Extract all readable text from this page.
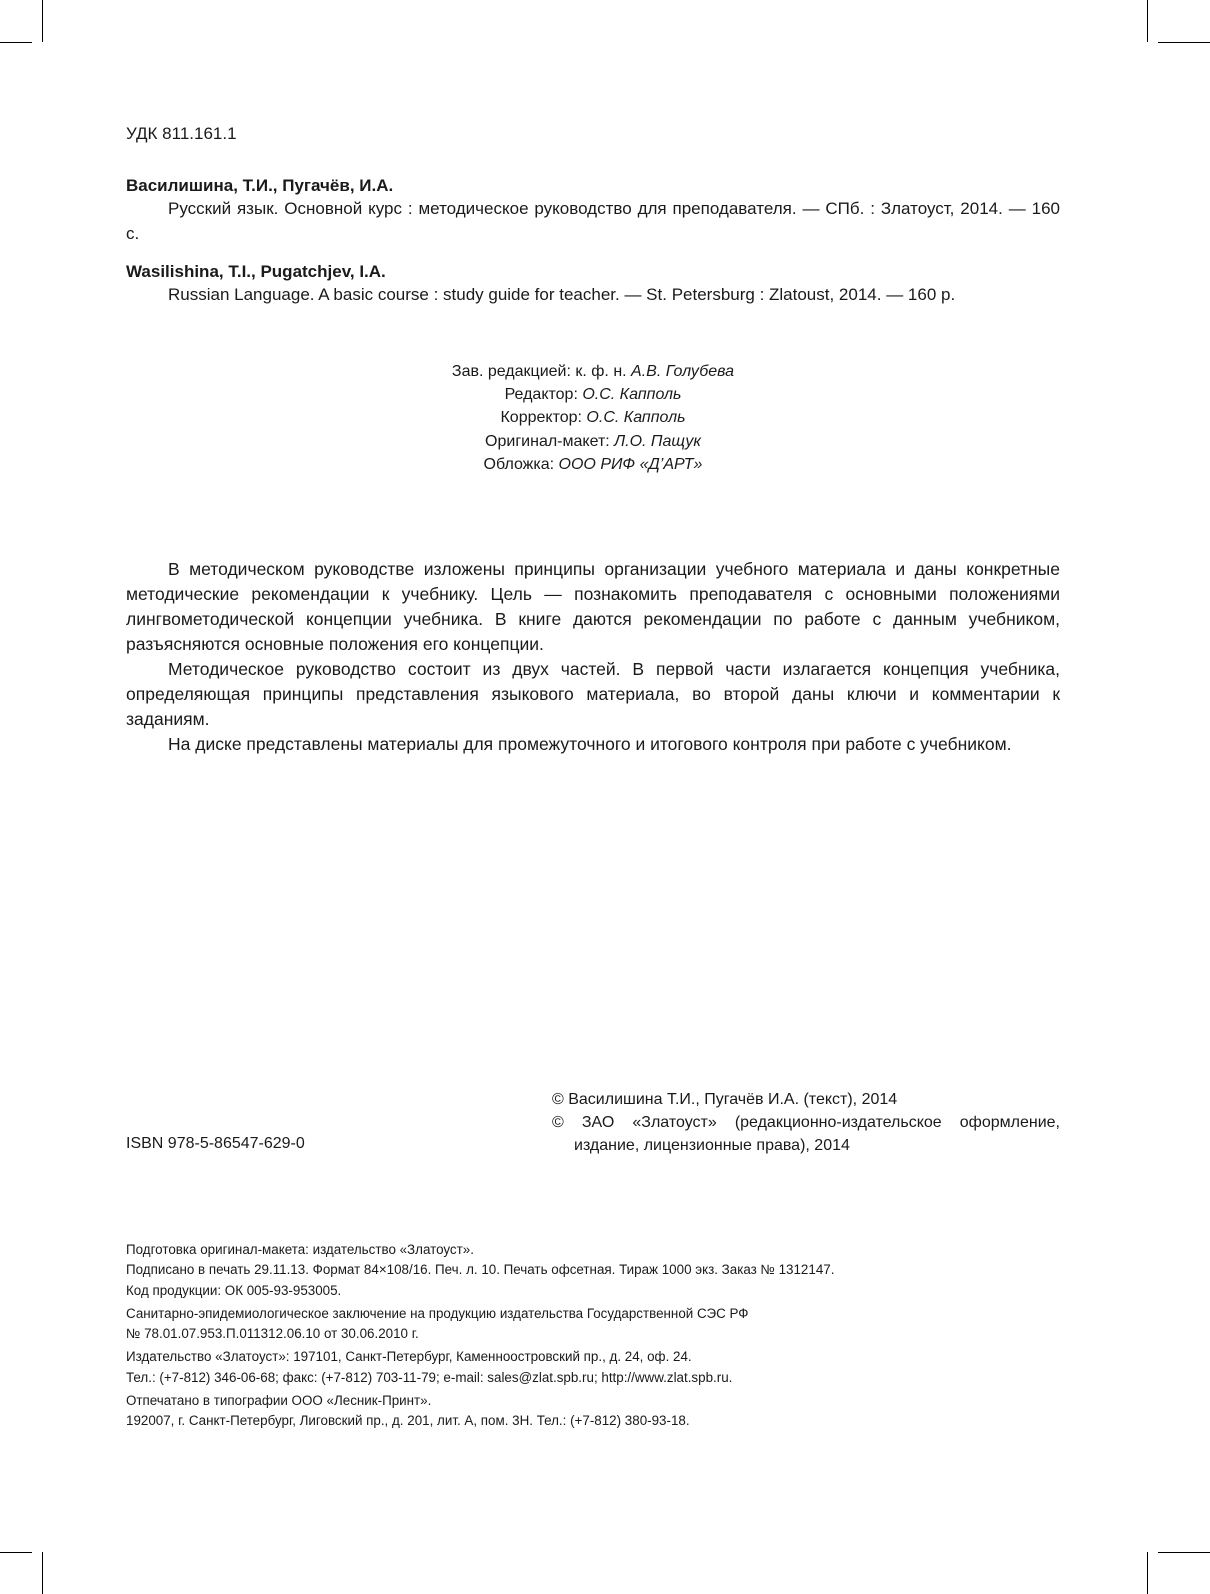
УДК 811.161.1
Василишина, Т.И., Пугачёв, И.А.
Русский язык. Основной курс : методическое руководство для преподавателя. — СПб. : Златоуст, 2014. — 160 с.
Wasilishina, T.I., Pugatchjev, I.A.
Russian Language. A basic course : study guide for teacher. — St. Petersburg : Zlatoust, 2014. — 160 p.
Зав. редакцией: к. ф. н. А.В. Голубева
Редактор: О.С. Капполь
Корректор: О.С. Капполь
Оригинал-макет: Л.О. Пащук
Обложка: ООО РИФ «Д’АРТ»

В методическом руководстве изложены принципы организации учебного материала и даны конкретные методические рекомендации к учебнику. Цель — познакомить преподавателя с основными положениями лингвометодической концепции учебника. В книге даются рекомендации по работе с данным учебником, разъясняются основные положения его концепции.

Методическое руководство состоит из двух частей. В первой части излагается концепция учебника, определяющая принципы представления языкового материала, во второй даны ключи и комментарии к заданиям.

На диске представлены материалы для промежуточного и итогового контроля при работе с учебником.

© Василишина Т.И., Пугачёв И.А. (текст), 2014
© ЗАО «Златоуст» (редакционно-издательское оформление, издание, лицензионные права), 2014
ISBN 978-5-86547-629-0
Подготовка оригинал-макета: издательство «Златоуст».
Подписано в печать 29.11.13. Формат 84×108/16. Печ. л. 10. Печать офсетная. Тираж 1000 экз. Заказ № 1312147.
Код продукции: ОК 005-93-953005.
Санитарно-эпидемиологическое заключение на продукцию издательства Государственной СЭС РФ
№ 78.01.07.953.П.011312.06.10 от 30.06.2010 г.
Издательство «Златоуст»: 197101, Санкт-Петербург, Каменноостровский пр., д. 24, оф. 24.
Тел.: (+7-812) 346-06-68; факс: (+7-812) 703-11-79; e-mail: sales@zlat.spb.ru; http://www.zlat.spb.ru.
Отпечатано в типографии ООО «Лесник-Принт».
192007, г. Санкт-Петербург, Лиговский пр., д. 201, лит. А, пом. 3Н. Тел.: (+7-812) 380-93-18.
